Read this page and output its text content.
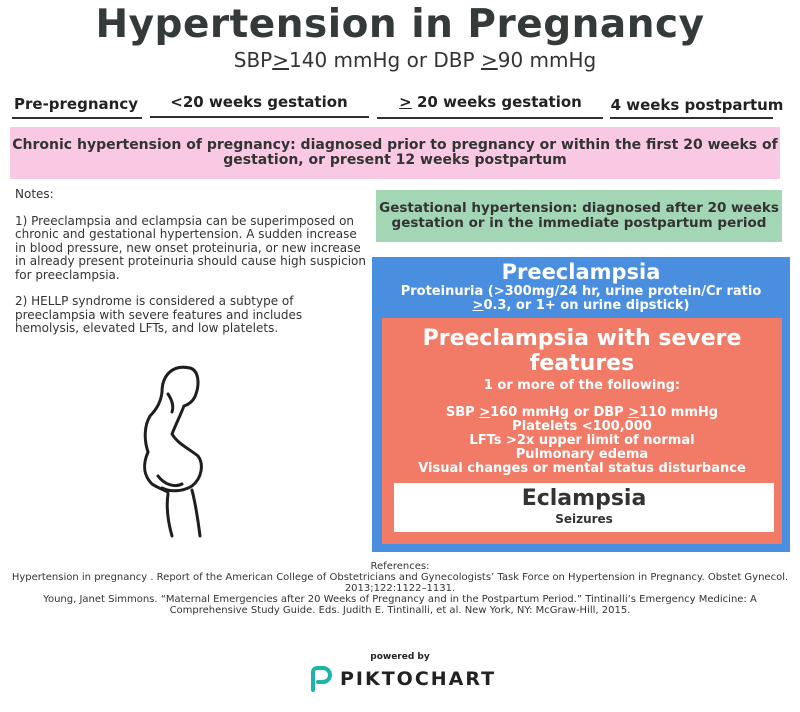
Hypertension in Pregnancy
SBP>140 mmHg or DBP >90 mmHg
Pre-pregnancy	<20 weeks gestation	> 20 weeks gestation	4 weeks postpartum
Chronic hypertension of pregnancy: diagnosed prior to pregnancy or within the first 20 weeks of gestation, or present 12 weeks postpartum

Notes:

1) Preeclampsia and eclampsia can be superimposed on chronic and gestational hypertension. A sudden increase in blood pressure, new onset proteinuria, or new increase in already present proteinuria should cause high suspicion for preeclampsia.

2) HELLP syndrome is considered a subtype of preeclampsia with severe features and includes hemolysis, elevated LFTs, and low platelets.

Gestational hypertension: diagnosed after 20 weeks gestation or in the immediate postpartum period
Preeclampsia
Proteinuria (>300mg/24 hr, urine protein/Cr ratio >0.3, or 1+ on urine dipstick)
Preeclampsia with severe features
1 or more of the following:
SBP >160 mmHg or DBP >110 mmHg
Platelets <100,000
LFTs >2x upper limit of normal
Pulmonary edema
Visual changes or mental status disturbance
Eclampsia
Seizures
References:
Hypertension in pregnancy . Report of the American College of Obstetricians and Gynecologists’ Task Force on Hypertension in Pregnancy. Obstet Gynecol. 2013;122:1122–1131.
Young, Janet Simmons. “Maternal Emergencies after 20 Weeks of Pregnancy and in the Postpartum Period.” Tintinalli’s Emergency Medicine: A Comprehensive Study Guide. Eds. Judith E. Tintinalli, et al. New York, NY: McGraw-Hill, 2015.
powered by
PIKTOCHART
